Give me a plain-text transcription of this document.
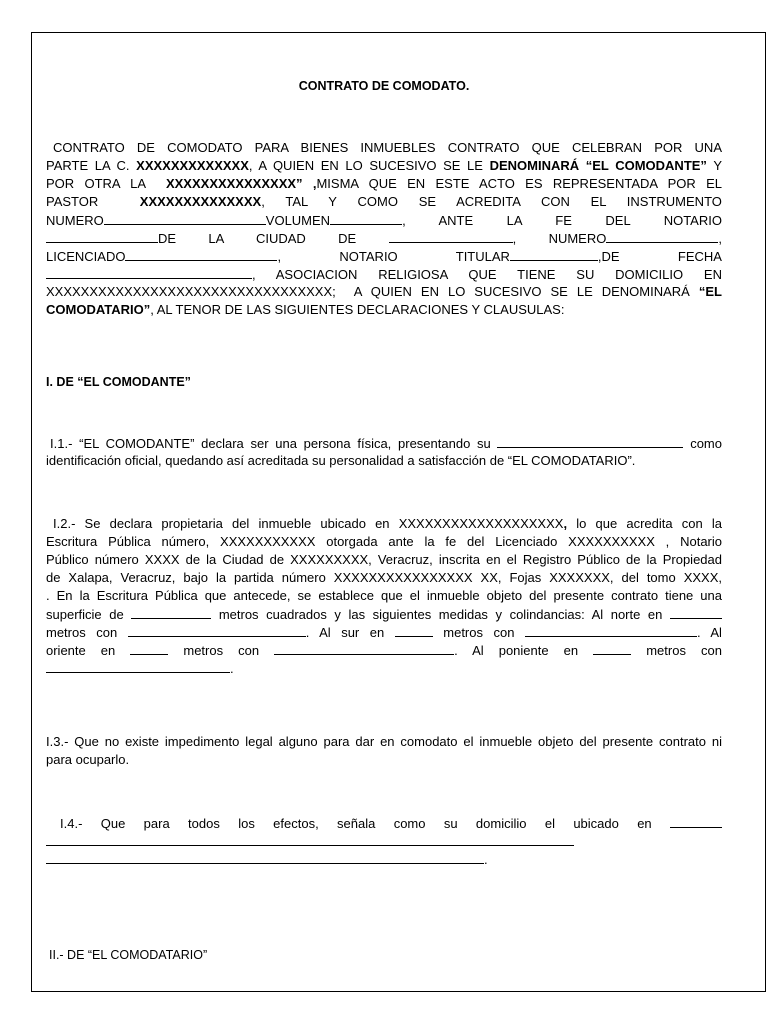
CONTRATO DE COMODATO.
CONTRATO DE COMODATO PARA BIENES INMUEBLES CONTRATO QUE CELEBRAN POR UNA
PARTE LA C. XXXXXXXXXXXXX, A QUIEN EN LO SUCESIVO SE LE DENOMINARÁ “EL COMODANTE” Y
POR OTRA LA XXXXXXXXXXXXXXX” ,MISMA QUE EN ESTE ACTO ES REPRESENTADA POR EL
PASTOR	XXXXXXXXXXXXXX, TAL Y COMO SE ACREDITA CON EL INSTRUMENTO
NUMERO	VOLUMEN	,	ANTE	LA	FE	DEL	NOTARIO
DE LA CIUDAD DE	, NUMERO	,
LICENCIADO	,	NOTARIO	TITULAR	,DE	FECHA
, ASOCIACION RELIGIOSA QUE TIENE SU DOMICILIO EN
XXXXXXXXXXXXXXXXXXXXXXXXXXXXXXXXX; A QUIEN EN LO SUCESIVO SE LE DENOMINARÁ “EL
COMODATARIO”, AL TENOR DE LAS SIGUIENTES DECLARACIONES Y CLAUSULAS:
I. DE “EL COMODANTE”
I.1.- “EL COMODANTE” declara ser una persona física, presentando su	como
identificación oficial, quedando así acreditada su personalidad a satisfacción de “EL COMODATARIO”.
I.2.- Se declara propietaria del inmueble ubicado en XXXXXXXXXXXXXXXXXXX, lo que acredita con la
Escritura Pública número, XXXXXXXXXXX otorgada ante la fe del Licenciado XXXXXXXXXX , Notario
Público número XXXX de la Ciudad de XXXXXXXXX, Veracruz, inscrita en el Registro Público de la Propiedad
de Xalapa, Veracruz, bajo la partida número XXXXXXXXXXXXXXXX XX, Fojas XXXXXXX, del tomo XXXX,
. En la Escritura Pública que antecede, se establece que el inmueble objeto del presente contrato tiene una
superficie de	metros cuadrados y las siguientes medidas y colindancias: Al norte en
metros con	. Al sur en	metros con	. Al
oriente en	metros con	. Al poniente en	metros con
.
I.3.- Que no existe impedimento legal alguno para dar en comodato el inmueble objeto del presente contrato ni
para ocuparlo.
I.4.- Que para todos los efectos, señala como su domicilio el ubicado en
.
II.- DE “EL COMODATARIO”
